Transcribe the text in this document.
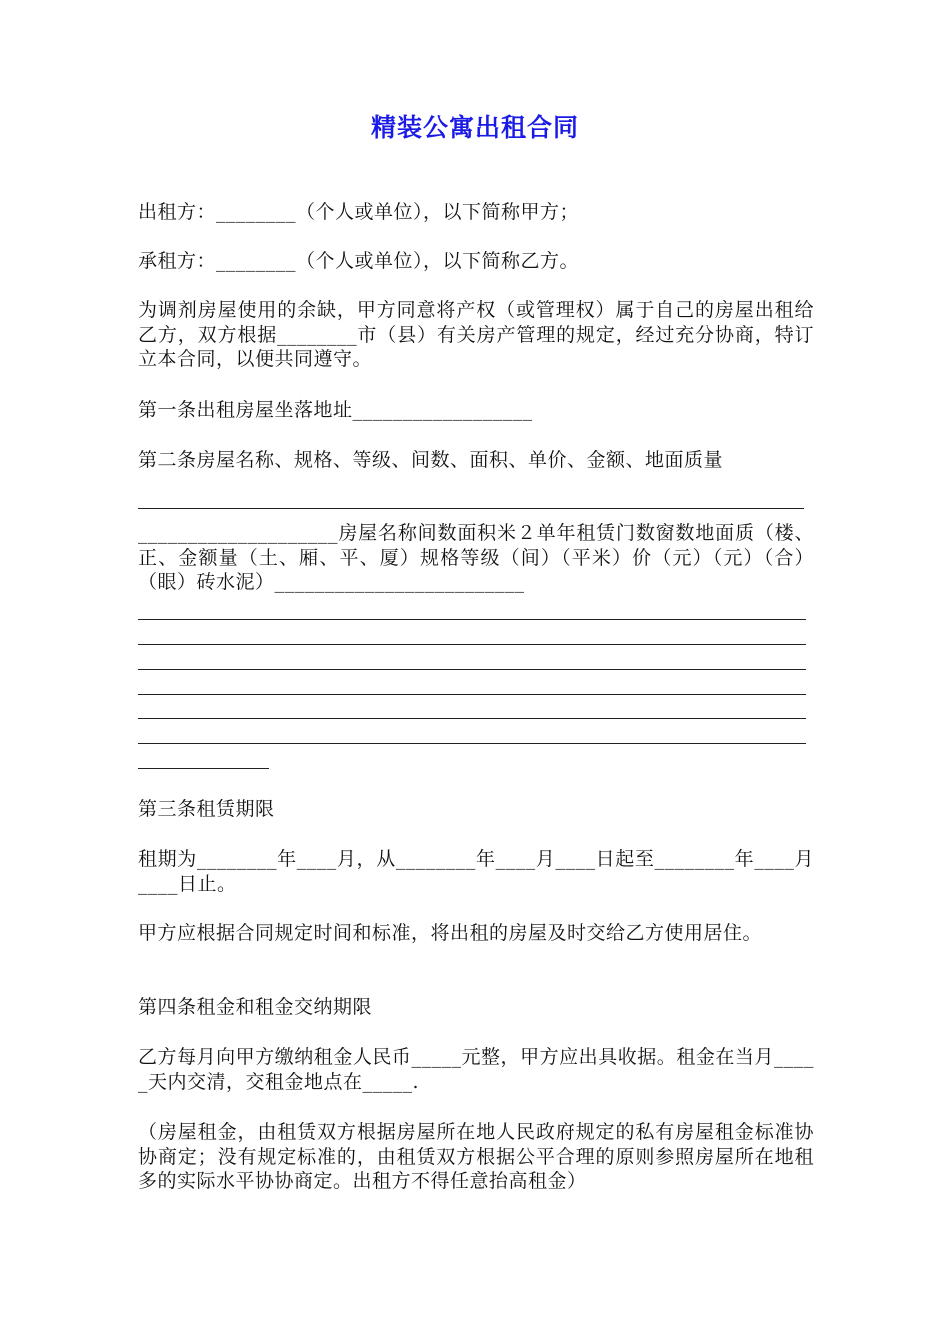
精装公寓出租合同

出租方：________（个人或单位），以下简称甲方；

承租方：________（个人或单位），以下简称乙方。

为调剂房屋使用的余缺，甲方同意将产权（或管理权）属于自己的房屋出租给乙方，双方根据________市（县）有关房产管理的规定，经过充分协商，特订立本合同，以便共同遵守。

第一条出租房屋坐落地址__________________

第二条房屋名称、规格、等级、间数、面积、单价、金额、地面质量

____________________房屋名称间数面积米２单年租赁门数窗数地面质（楼、正、金额量（土、厢、平、厦）规格等级（间）（平米）价（元）（元）（合）（眼）砖水泥）_________________________

第三条租赁期限

租期为________年____月，从________年____月____日起至________年____月____日止。

甲方应根据合同规定时间和标准，将出租的房屋及时交给乙方使用居住。

第四条租金和租金交纳期限

乙方每月向甲方缴纳租金人民币_____元整，甲方应出具收据。租金在当月_____天内交清，交租金地点在_____.

（房屋租金，由租赁双方根据房屋所在地人民政府规定的私有房屋租金标准协协商定；没有规定标准的，由租赁双方根据公平合理的原则参照房屋所在地租多的实际水平协协商定。出租方不得任意抬高租金）
